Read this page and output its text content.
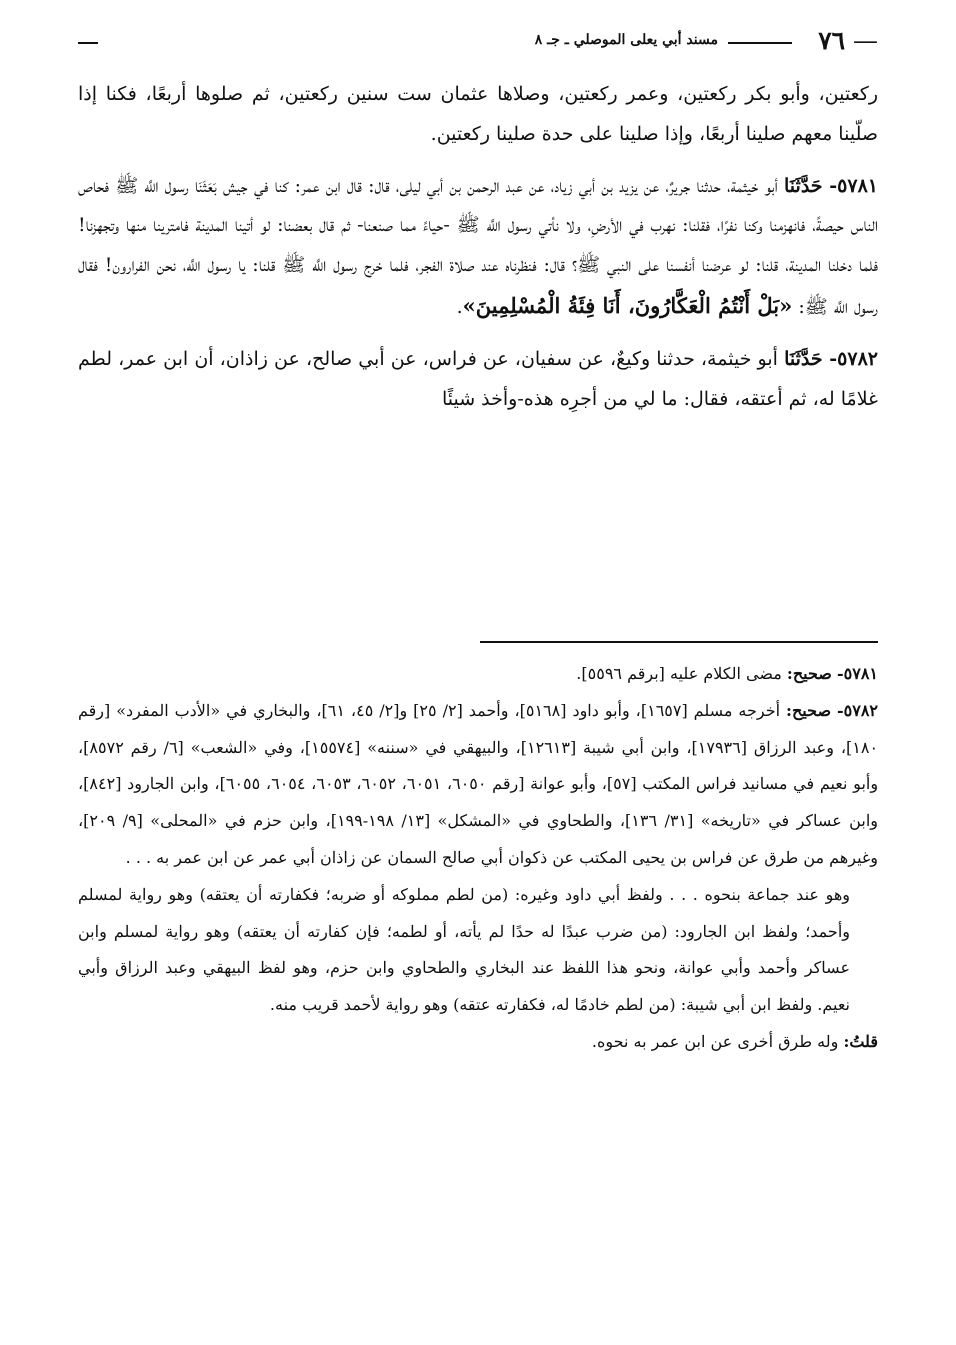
— ٧٦
مسند أبي يعلى الموصلي ـ جـ ٨

ركعتين، وأبو بكر ركعتين، وعمر ركعتين، وصلاها عثمان ست سنين ركعتين، ثم صلوها أربعًا، فكنا إذا صلّينا معهم صلينا أربعًا، وإذا صلينا على حدة صلينا ركعتين.

٥٧٨١- حَدَّثَنَا أبو خيثمة، حدثنا جريرٌ، عن يزيد بن أبي زياد، عن عبد الرحمن بن أبي ليلى، قال: قال ابن عمر: كنا في جيش بَعَثَنَا رسول اللَّه ﷺ فحاص الناس حيصةً، فانهزمنا وكنا نفرًا، فقلنا: نهرب في الأرضِ، ولا نأتي رسول اللَّه ﷺ -حياءً مما صنعنا- ثم قال بعضنا: لو أتينا المدينة فامترينا منها وتجهزنا! فلما دخلنا المدينة، قلنا: لو عرضنا أنفسنا على النبي ﷺ؟ قال: فنظرناه عند صلاة الفجر، فلما خرج رسول اللَّه ﷺ قلنا: يا رسول اللَّه، نحن الفرارون! فقال رسول اللَّه ﷺ: «بَلْ أَنْتُمُ الْعَكَّارُونَ، أَنَا فِئَةُ الْمُسْلِمِينَ».

٥٧٨٢- حَدَّثَنَا أبو خيثمة، حدثنا وكيعٌ، عن سفيان، عن فراس، عن أبي صالح، عن زاذان، أن ابن عمر، لطم غلامًا له، ثم أعتقه، فقال: ما لي من أجرِه هذه-وأخذ شيئًا

٥٧٨١- صحيح: مضى الكلام عليه [برقم ٥٥٩٦].

٥٧٨٢- صحيح: أخرجه مسلم [١٦٥٧]، وأبو داود [٥١٦٨]، وأحمد [٢/ ٢٥] و[٢/ ٤٥، ٦١]، والبخاري في «الأدب المفرد» [رقم ١٨٠]، وعبد الرزاق [١٧٩٣٦]، وابن أبي شيبة [١٢٦١٣]، والبيهقي في «سننه» [١٥٥٧٤]، وفي «الشعب» [٦/ رقم ٨٥٧٢]، وأبو نعيم في مسانيد فراس المكتب [٥٧]، وأبو عوانة [رقم ٦٠٥٠، ٦٠٥١، ٦٠٥٢، ٦٠٥٣، ٦٠٥٤، ٦٠٥٥]، وابن الجارود [٨٤٢]، وابن عساكر في «تاريخه» [٣١/ ١٣٦]، والطحاوي في «المشكل» [١٣/ ١٩٨-١٩٩]، وابن حزم في «المحلى» [٩/ ٢٠٩]، وغيرهم من طرق عن فراس بن يحيى المكتب عن ذكوان أبي صالح السمان عن زاذان أبي عمر عن ابن عمر به . . .

وهو عند جماعة بنحوه . . . ولفظ أبي داود وغيره: (من لطم مملوكه أو ضربه؛ فكفارته أن يعتقه) وهو رواية لمسلم وأحمد؛ ولفظ ابن الجارود: (من ضرب عبدًا له حدًا لم يأته، أو لطمه؛ فإن كفارته أن يعتقه) وهو رواية لمسلم وابن عساكر وأحمد وأبي عوانة، ونحو هذا اللفظ عند البخاري والطحاوي وابن حزم، وهو لفظ البيهقي وعبد الرزاق وأبي نعيم. ولفظ ابن أبي شيبة: (من لطم خادمًا له، فكفارته عتقه) وهو رواية لأحمد قريب منه.

قلتُ: وله طرق أخرى عن ابن عمر به نحوه.
